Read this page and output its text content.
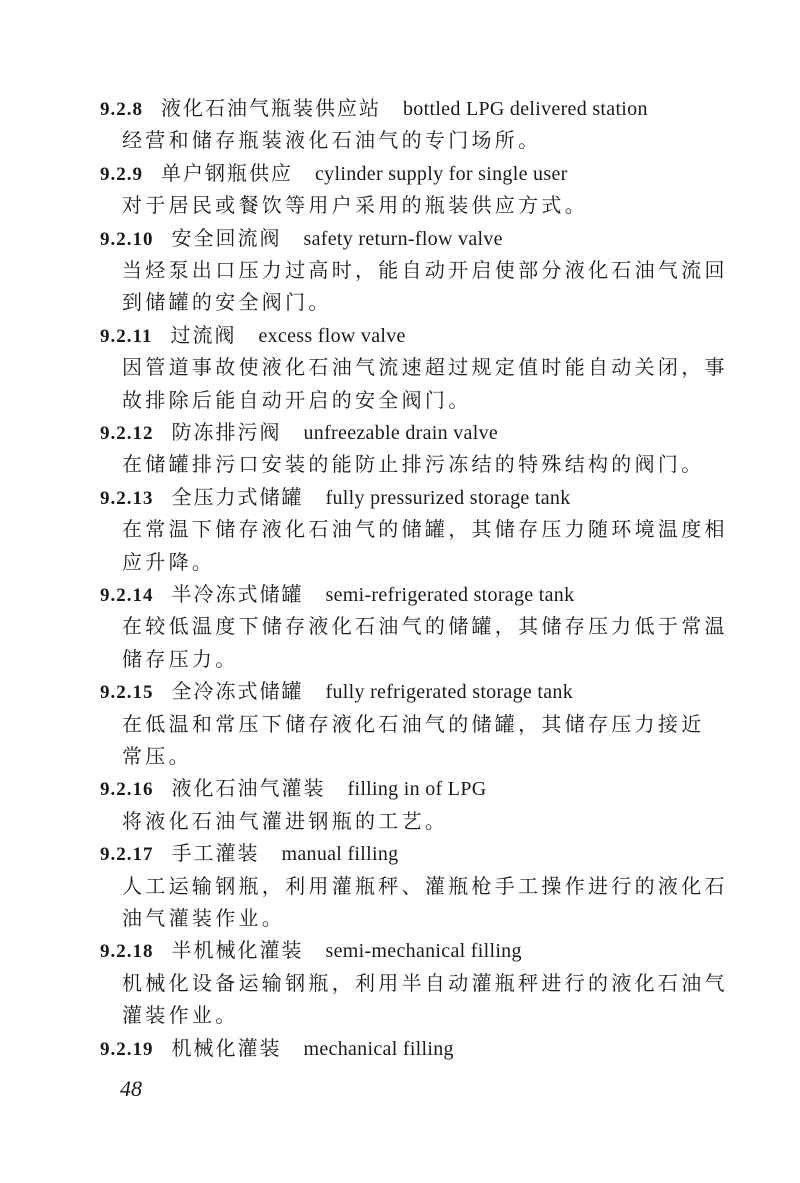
9.2.8 液化石油气瓶装供应站 bottled LPG delivered station
经营和储存瓶装液化石油气的专门场所。
9.2.9 单户钢瓶供应 cylinder supply for single user
对于居民或餐饮等用户采用的瓶装供应方式。
9.2.10 安全回流阀 safety return-flow valve
当烃泵出口压力过高时，能自动开启使部分液化石油气流回
到储罐的安全阀门。
9.2.11 过流阀 excess flow valve
因管道事故使液化石油气流速超过规定值时能自动关闭，事
故排除后能自动开启的安全阀门。
9.2.12 防冻排污阀 unfreezable drain valve
在储罐排污口安装的能防止排污冻结的特殊结构的阀门。
9.2.13 全压力式储罐 fully pressurized storage tank
在常温下储存液化石油气的储罐，其储存压力随环境温度相
应升降。
9.2.14 半冷冻式储罐 semi-refrigerated storage tank
在较低温度下储存液化石油气的储罐，其储存压力低于常温
储存压力。
9.2.15 全冷冻式储罐 fully refrigerated storage tank
在低温和常压下储存液化石油气的储罐，其储存压力接近
常压。
9.2.16 液化石油气灌装 filling in of LPG
将液化石油气灌进钢瓶的工艺。
9.2.17 手工灌装 manual filling
人工运输钢瓶，利用灌瓶秤、灌瓶枪手工操作进行的液化石
油气灌装作业。
9.2.18 半机械化灌装 semi-mechanical filling
机械化设备运输钢瓶，利用半自动灌瓶秤进行的液化石油气
灌装作业。
9.2.19 机械化灌装 mechanical filling
48
